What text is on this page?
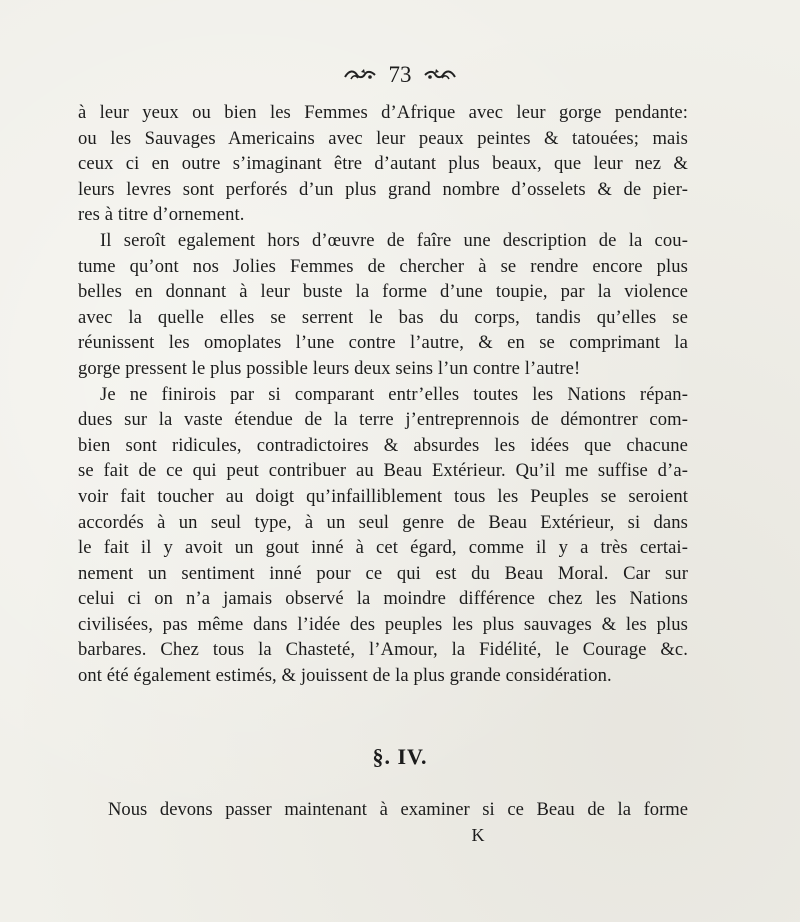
73

à leur yeux ou bien les Femmes d’Afrique avec leur gorge pendante:

ou les Sauvages Americains avec leur peaux peintes & tatouées; mais

ceux ci en outre s’imaginant être d’autant plus beaux, que leur nez &

leurs levres sont perforés d’un plus grand nombre d’osselets & de pier-

res à titre d’ornement.

Il seroît egalement hors d’œuvre de faîre une description de la cou-

tume qu’ont nos Jolies Femmes de chercher à se rendre encore plus

belles en donnant à leur buste la forme d’une toupie, par la violence

avec la quelle elles se serrent le bas du corps, tandis qu’elles se

réunissent les omoplates l’une contre l’autre, & en se comprimant la

gorge pressent le plus possible leurs deux seins l’un contre l’autre!

Je ne finirois par si comparant entr’elles toutes les Nations répan-

dues sur la vaste étendue de la terre j’entreprennois de démontrer com-

bien sont ridicules, contradictoires & absurdes les idées que chacune

se fait de ce qui peut contribuer au Beau Extérieur. Qu’il me suffise d’a-

voir fait toucher au doigt qu’infailliblement tous les Peuples se seroient

accordés à un seul type, à un seul genre de Beau Extérieur, si dans

le fait il y avoit un gout inné à cet égard, comme il y a très certai-

nement un sentiment inné pour ce qui est du Beau Moral. Car sur

celui ci on n’a jamais observé la moindre différence chez les Nations

civilisées, pas même dans l’idée des peuples les plus sauvages & les plus

barbares. Chez tous la Chasteté, l’Amour, la Fidélité, le Courage &c.

ont été également estimés, & jouissent de la plus grande considération.

§. IV.
Nous devons passer maintenant à examiner si ce Beau de la forme
K
